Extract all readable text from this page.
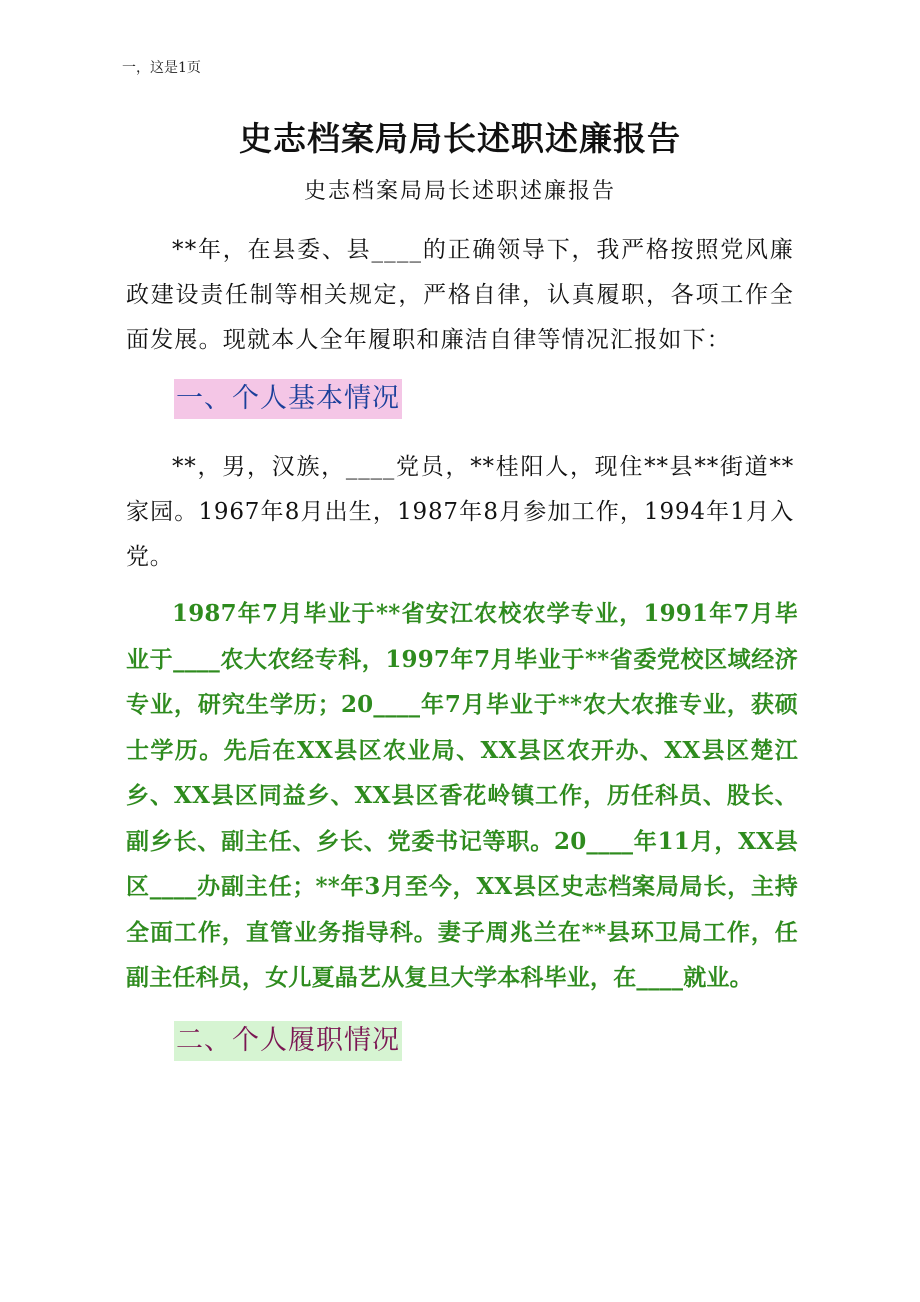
一，这是1页
史志档案局局长述职述廉报告
史志档案局局长述职述廉报告

**年，在县委、县____的正确领导下，我严格按照党风廉政建设责任制等相关规定，严格自律，认真履职，各项工作全面发展。现就本人全年履职和廉洁自律等情况汇报如下：

一、个人基本情况

**，男，汉族，____党员，**桂阳人，现住**县**街道**家园。1967年8月出生，1987年8月参加工作，1994年1月入党。

1987年7月毕业于**省安江农校农学专业，1991年7月毕业于____农大农经专科，1997年7月毕业于**省委党校区域经济专业，研究生学历；20____年7月毕业于**农大农推专业，获硕士学历。先后在XX县区农业局、XX县区农开办、XX县区楚江乡、XX县区同益乡、XX县区香花岭镇工作，历任科员、股长、副乡长、副主任、乡长、党委书记等职。20____年11月，XX县区____办副主任；**年3月至今，XX县区史志档案局局长，主持全面工作，直管业务指导科。妻子周兆兰在**县环卫局工作，任副主任科员，女儿夏晶艺从复旦大学本科毕业，在____就业。

二、个人履职情况
